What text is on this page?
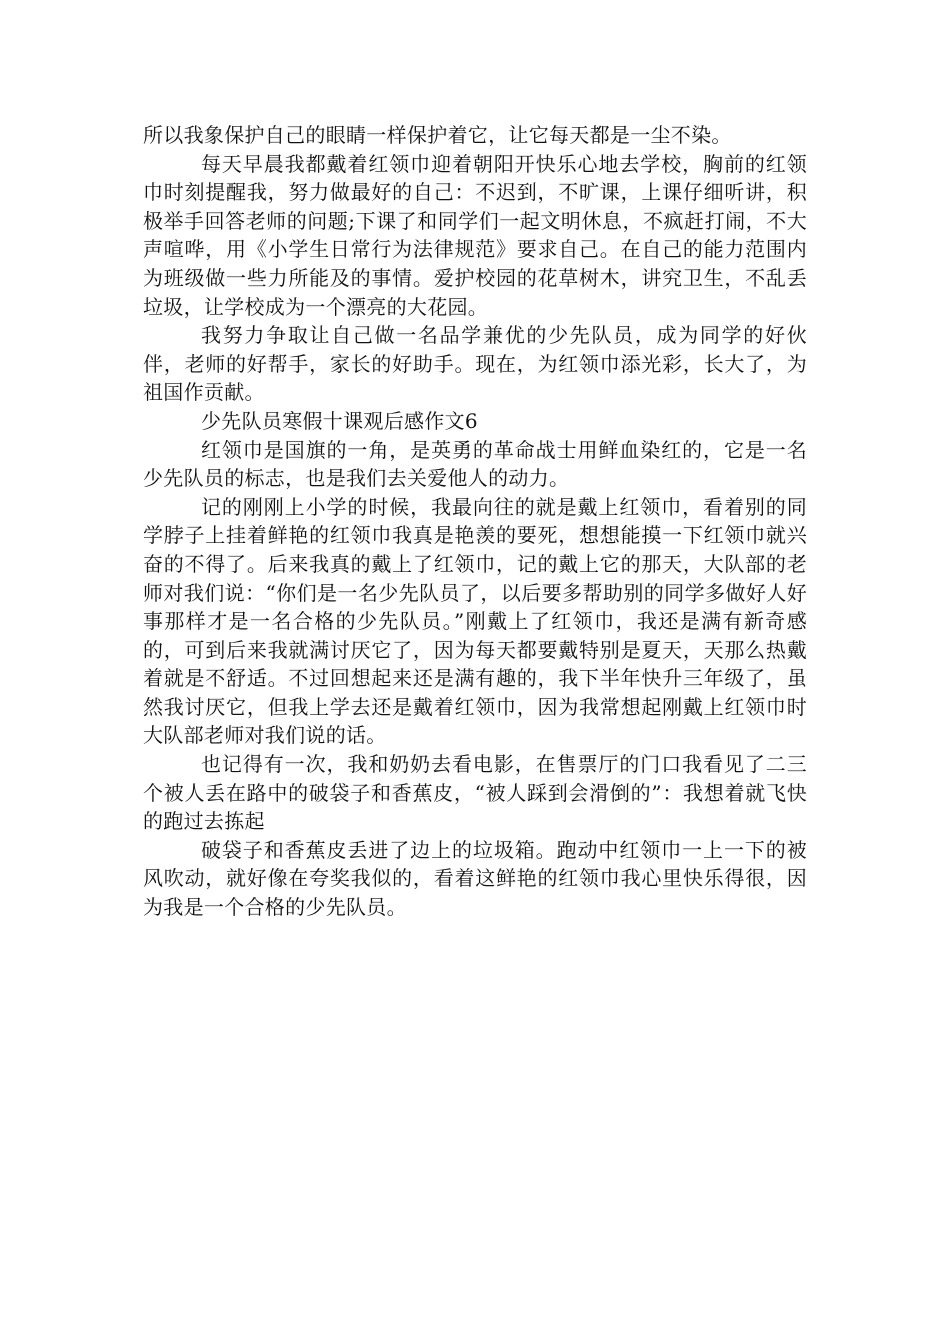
所以我象保护自己的眼睛一样保护着它，让它每天都是一尘不染。

每天早晨我都戴着红领巾迎着朝阳开快乐心地去学校，胸前的红领巾时刻提醒我，努力做最好的自己：不迟到，不旷课，上课仔细听讲，积极举手回答老师的问题;下课了和同学们一起文明休息，不疯赶打闹，不大声喧哗，用《小学生日常行为法律规范》要求自己。在自己的能力范围内为班级做一些力所能及的事情。爱护校园的花草树木，讲究卫生，不乱丢垃圾，让学校成为一个漂亮的大花园。

我努力争取让自己做一名品学兼优的少先队员，成为同学的好伙伴，老师的好帮手，家长的好助手。现在，为红领巾添光彩，长大了，为祖国作贡献。

少先队员寒假十课观后感作文6

红领巾是国旗的一角，是英勇的革命战士用鲜血染红的，它是一名少先队员的标志，也是我们去关爱他人的动力。

记的刚刚上小学的时候，我最向往的就是戴上红领巾，看着别的同学脖子上挂着鲜艳的红领巾我真是艳羡的要死，想想能摸一下红领巾就兴奋的不得了。后来我真的戴上了红领巾，记的戴上它的那天，大队部的老师对我们说：“你们是一名少先队员了，以后要多帮助别的同学多做好人好事那样才是一名合格的少先队员。”刚戴上了红领巾，我还是满有新奇感的，可到后来我就满讨厌它了，因为每天都要戴特别是夏天，天那么热戴着就是不舒适。不过回想起来还是满有趣的，我下半年快升三年级了，虽然我讨厌它，但我上学去还是戴着红领巾，因为我常想起刚戴上红领巾时大队部老师对我们说的话。

也记得有一次，我和奶奶去看电影，在售票厅的门口我看见了二三个被人丢在路中的破袋子和香蕉皮，“被人踩到会滑倒的”：我想着就飞快的跑过去拣起

破袋子和香蕉皮丢进了边上的垃圾箱。跑动中红领巾一上一下的被风吹动，就好像在夸奖我似的，看着这鲜艳的红领巾我心里快乐得很，因为我是一个合格的少先队员。
